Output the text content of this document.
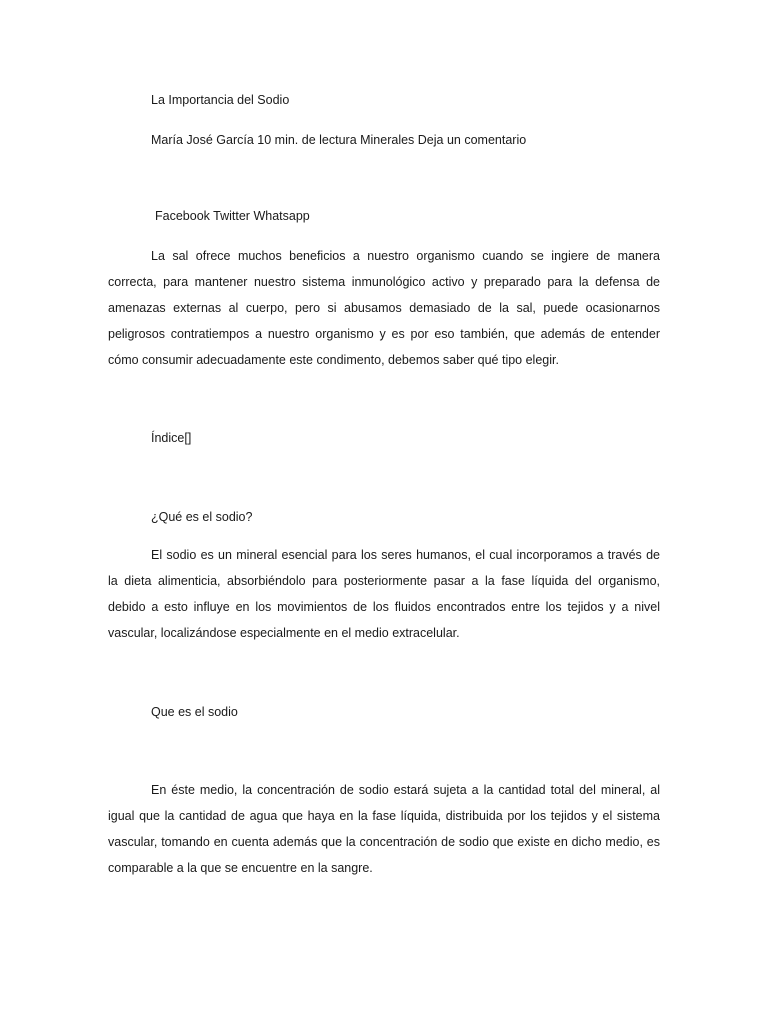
La Importancia del Sodio
María José García 10 min. de lectura Minerales Deja un comentario
Facebook Twitter Whatsapp

La sal ofrece muchos beneficios a nuestro organismo cuando se ingiere de manera correcta, para mantener nuestro sistema inmunológico activo y preparado para la defensa de amenazas externas al cuerpo, pero si abusamos demasiado de la sal, puede ocasionarnos peligrosos contratiempos a nuestro organismo y es por eso también, que además de entender cómo consumir adecuadamente este condimento, debemos saber qué tipo elegir.

Índice[]
¿Qué es el sodio?

El sodio es un mineral esencial para los seres humanos, el cual incorporamos a través de la dieta alimenticia, absorbiéndolo para posteriormente pasar a la fase líquida del organismo, debido a esto influye en los movimientos de los fluidos encontrados entre los tejidos y a nivel vascular, localizándose especialmente en el medio extracelular.

Que es el sodio

En éste medio, la concentración de sodio estará sujeta a la cantidad total del mineral, al igual que la cantidad de agua que haya en la fase líquida, distribuida por los tejidos y el sistema vascular, tomando en cuenta además que la concentración de sodio que existe en dicho medio, es comparable a la que se encuentre en la sangre.
